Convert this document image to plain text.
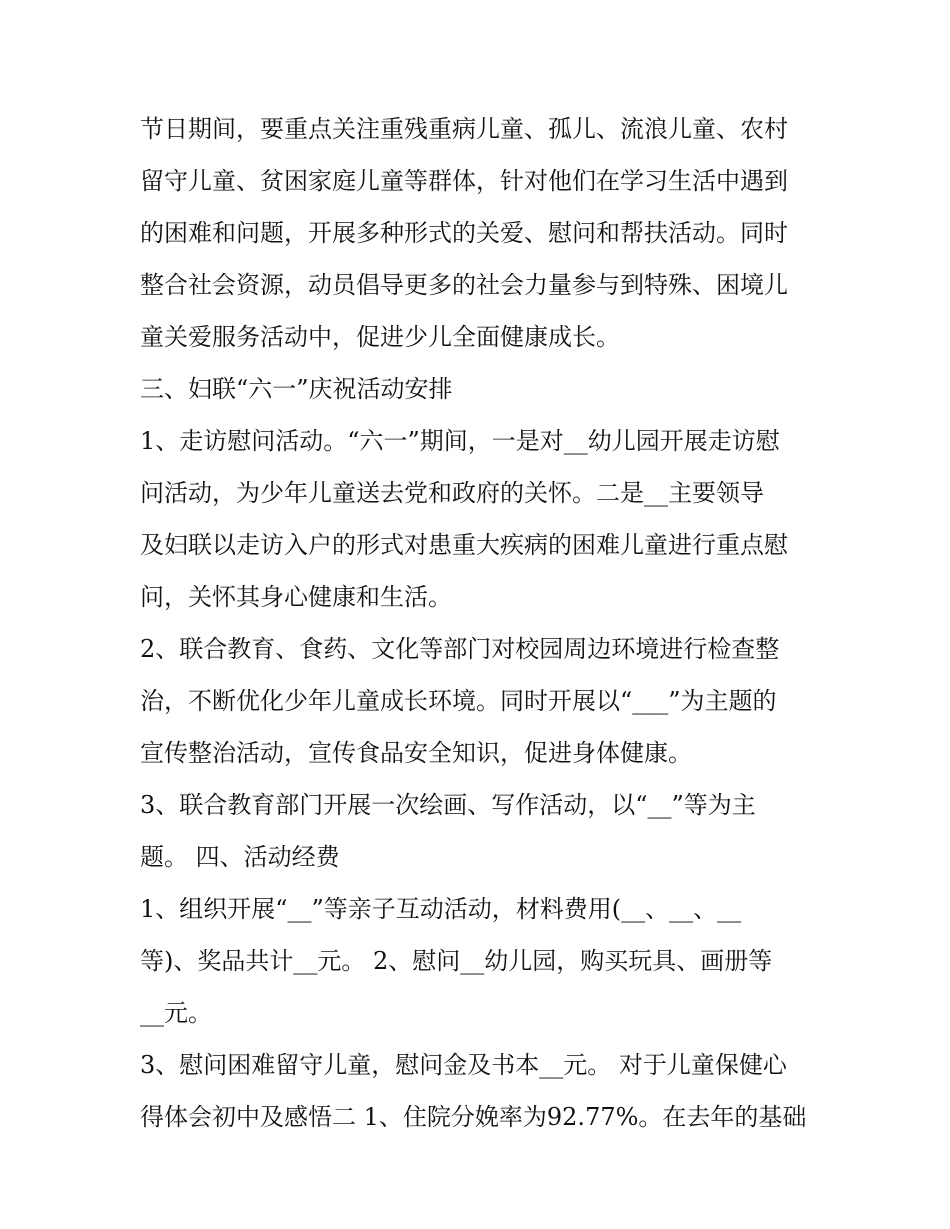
节日期间，要重点关注重残重病儿童、孤儿、流浪儿童、农村
留守儿童、贫困家庭儿童等群体，针对他们在学习生活中遇到
的困难和问题，开展多种形式的关爱、慰问和帮扶活动。同时
整合社会资源，动员倡导更多的社会力量参与到特殊、困境儿
童关爱服务活动中，促进少儿全面健康成长。
三、妇联“六一”庆祝活动安排
1、走访慰问活动。“六一”期间，一是对__幼儿园开展走访慰
问活动，为少年儿童送去党和政府的关怀。二是__主要领导
及妇联以走访入户的形式对患重大疾病的困难儿童进行重点慰
问，关怀其身心健康和生活。
2、联合教育、食药、文化等部门对校园周边环境进行检查整
治，不断优化少年儿童成长环境。同时开展以“___”为主题的
宣传整治活动，宣传食品安全知识，促进身体健康。
3、联合教育部门开展一次绘画、写作活动，以“__”等为主
题。 四、活动经费
1、组织开展“__”等亲子互动活动，材料费用(__、__、__
等)、奖品共计__元。 2、慰问__幼儿园，购买玩具、画册等
__元。
3、慰问困难留守儿童，慰问金及书本__元。 对于儿童保健心
得体会初中及感悟二 1、住院分娩率为92.77%。在去年的基础
